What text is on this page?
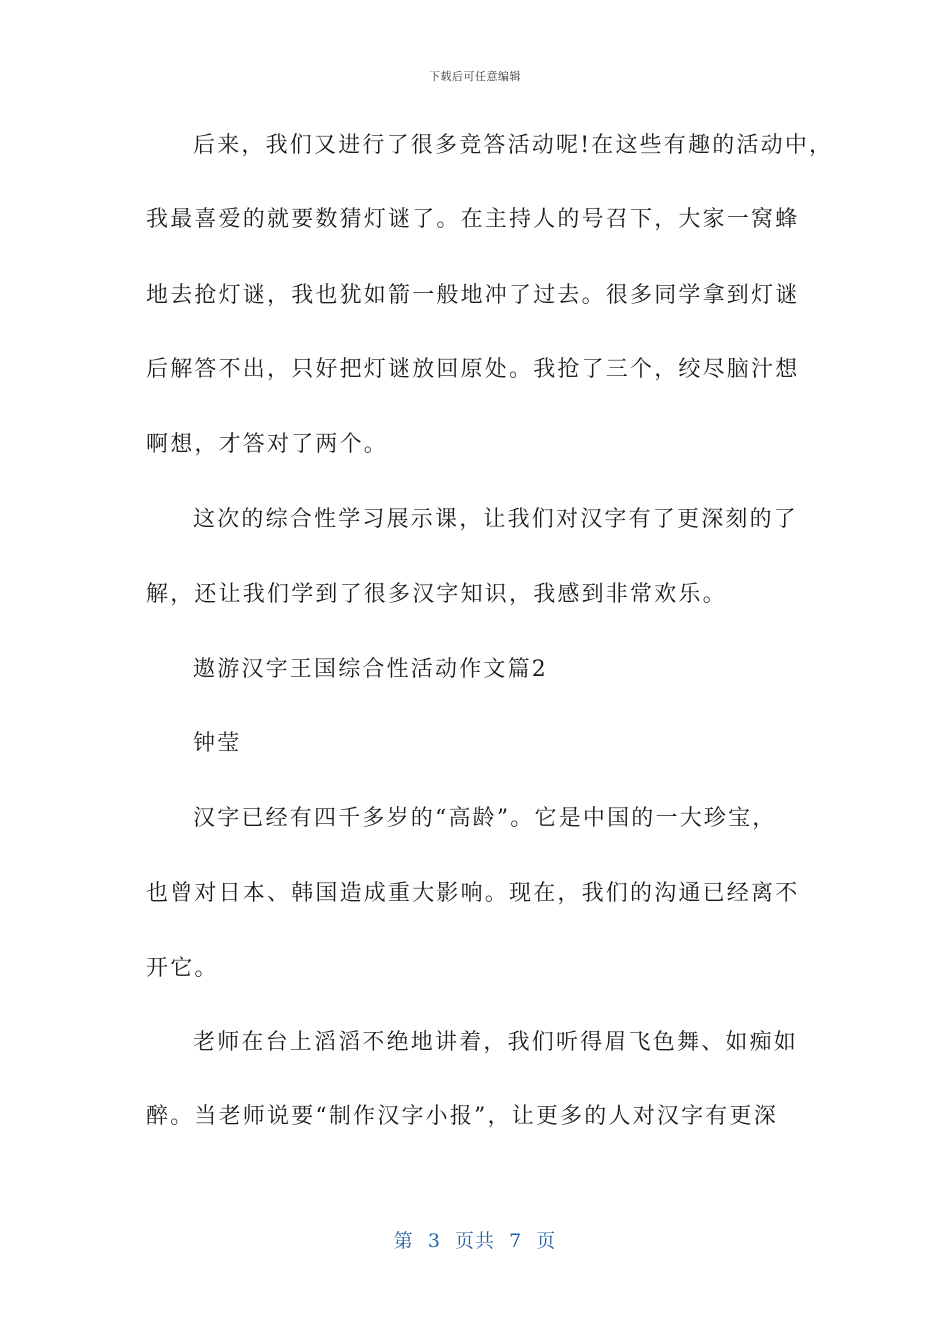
下载后可任意编辑
后来，我们又进行了很多竞答活动呢!在这些有趣的活动中，
我最喜爱的就要数猜灯谜了。在主持人的号召下，大家一窝蜂
地去抢灯谜，我也犹如箭一般地冲了过去。很多同学拿到灯谜
后解答不出，只好把灯谜放回原处。我抢了三个，绞尽脑汁想
啊想，才答对了两个。
这次的综合性学习展示课，让我们对汉字有了更深刻的了
解，还让我们学到了很多汉字知识，我感到非常欢乐。
遨游汉字王国综合性活动作文篇2
钟莹
汉字已经有四千多岁的“高龄”。它是中国的一大珍宝，
也曾对日本、韩国造成重大影响。现在，我们的沟通已经离不
开它。
老师在台上滔滔不绝地讲着，我们听得眉飞色舞、如痴如
醉。当老师说要“制作汉字小报”，让更多的人对汉字有更深
第  3  页共  7  页
